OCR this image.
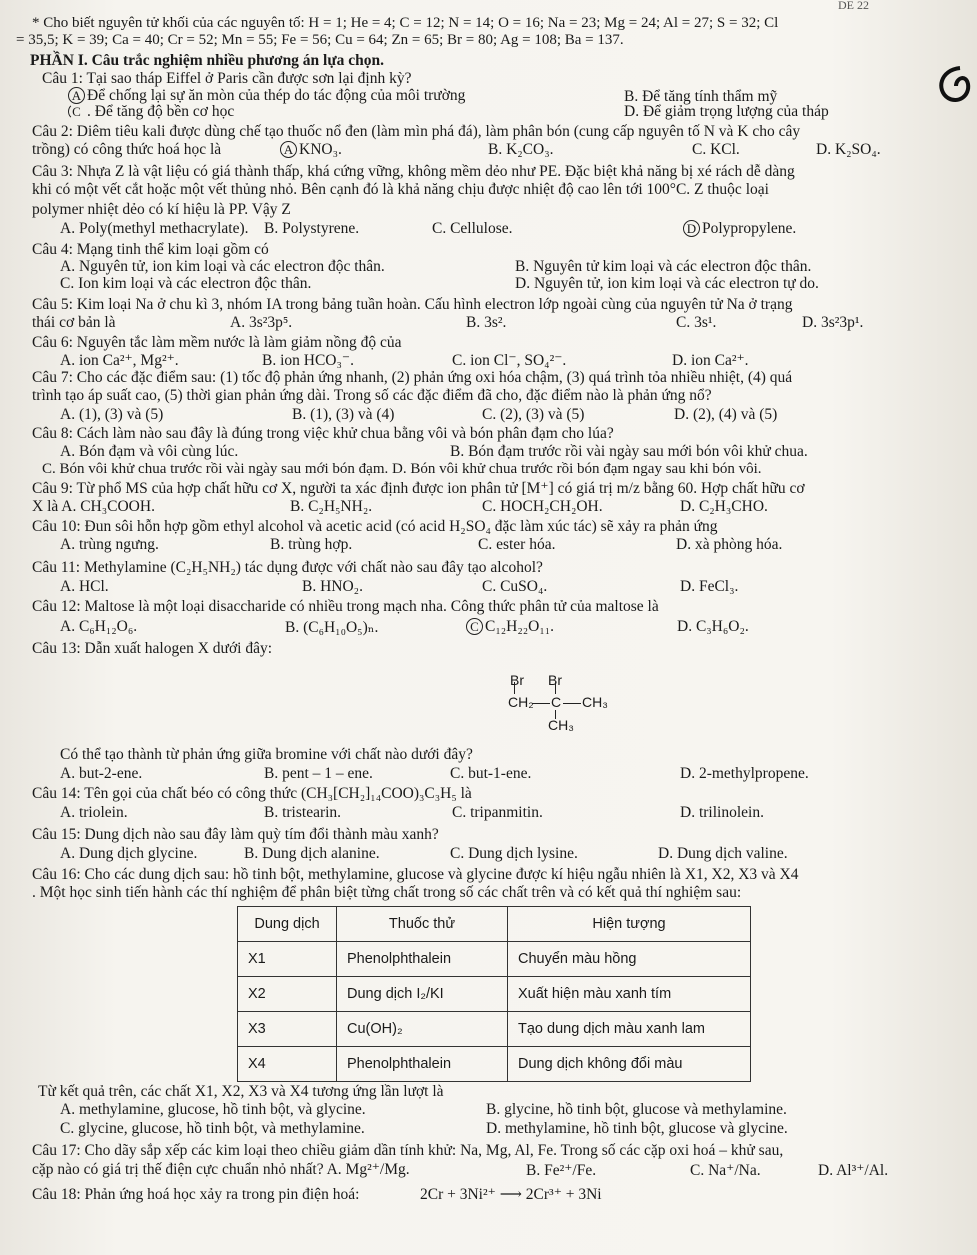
DE 22
* Cho biết nguyên tử khối của các nguyên tố: H = 1; He = 4; C = 12; N = 14; O = 16; Na = 23; Mg = 24; Al = 27; S = 32; Cl
= 35,5; K = 39; Ca = 40; Cr = 52; Mn = 55; Fe = 56; Cu = 64; Zn = 65; Br = 80; Ag = 108; Ba = 137.
PHẦN I. Câu trắc nghiệm nhiều phương án lựa chọn.
Câu 1: Tại sao tháp Eiffel ở Paris cần được sơn lại định kỳ?
A Để chống lại sự ăn mòn của thép do tác động của môi trường	B. Để tăng tính thẩm mỹ
C . Để tăng độ bền cơ học	D. Để giảm trọng lượng của tháp
Câu 2: Diêm tiêu kali được dùng chế tạo thuốc nổ đen (làm mìn phá đá), làm phân bón (cung cấp nguyên tố N và K cho cây
trồng) có công thức hoá học là	A KNO₃.	B. K₂CO₃.	C. KCl.	D. K₂SO₄.
Câu 3: Nhựa Z là vật liệu có giá thành thấp, khá cứng vững, không mềm dẻo như PE. Đặc biệt khả năng bị xé rách dễ dàng
khi có một vết cắt hoặc một vết thủng nhỏ. Bên cạnh đó là khả năng chịu được nhiệt độ cao lên tới 100°C. Z thuộc loại
polymer nhiệt dẻo có kí hiệu là PP. Vậy Z
A. Poly(methyl methacrylate). B. Polystyrene.	C. Cellulose.	D Polypropylene.
Câu 4: Mạng tinh thể kim loại gồm có
A. Nguyên tử, ion kim loại và các electron độc thân.	B. Nguyên tử kim loại và các electron độc thân.
C. Ion kim loại và các electron độc thân.	D. Nguyên tử, ion kim loại và các electron tự do.
Câu 5: Kim loại Na ở chu kì 3, nhóm IA trong bảng tuần hoàn. Cấu hình electron lớp ngoài cùng của nguyên tử Na ở trạng
thái cơ bản là	A. 3s²3p⁵.	B. 3s².	C. 3s¹.	D. 3s²3p¹.
Câu 6: Nguyên tắc làm mềm nước là làm giảm nồng độ của
A. ion Ca²⁺, Mg²⁺.	B. ion HCO₃⁻.	C. ion Cl⁻, SO₄²⁻.	D. ion Ca²⁺.
Câu 7: Cho các đặc điểm sau: (1) tốc độ phản ứng nhanh, (2) phản ứng oxi hóa chậm, (3) quá trình tỏa nhiều nhiệt, (4) quá
trình tạo áp suất cao, (5) thời gian phản ứng dài. Trong số các đặc điểm đã cho, đặc điểm nào là phản ứng nổ?
A. (1), (3) và (5)	B. (1), (3) và (4)	C. (2), (3) và (5)	D. (2), (4) và (5)
Câu 8: Cách làm nào sau đây là đúng trong việc khử chua bằng vôi và bón phân đạm cho lúa?
A. Bón đạm và vôi cùng lúc.	B. Bón đạm trước rồi vài ngày sau mới bón vôi khử chua.
C. Bón vôi khử chua trước rồi vài ngày sau mới bón đạm. D. Bón vôi khử chua trước rồi bón đạm ngay sau khi bón vôi.
Câu 9: Từ phổ MS của hợp chất hữu cơ X, người ta xác định được ion phân tử [M⁺] có giá trị m/z bằng 60. Hợp chất hữu cơ
X là A. CH₃COOH.	B. C₂H₅NH₂.	C. HOCH₂CH₂OH.	D. C₂H₃CHO.
Câu 10: Đun sôi hỗn hợp gồm ethyl alcohol và acetic acid (có acid H₂SO₄ đặc làm xúc tác) sẽ xảy ra phản ứng
A. trùng ngưng.	B. trùng hợp.	C. ester hóa.	D. xà phòng hóa.
Câu 11: Methylamine (C₂H₅NH₂) tác dụng được với chất nào sau đây tạo alcohol?
A. HCl.	B. HNO₂.	C. CuSO₄.	D. FeCl₃.
Câu 12: Maltose là một loại disaccharide có nhiều trong mạch nha. Công thức phân tử của maltose là
A. C₆H₁₂O₆.	B. (C₆H₁₀O₅)ₙ.	C C₁₂H₂₂O₁₁.	D. C₃H₆O₂.
Câu 13: Dẫn xuất halogen X dưới đây:
Br Br
CH₂ C CH₃
CH₃
Có thể tạo thành từ phản ứng giữa bromine với chất nào dưới đây?
A. but-2-ene.	B. pent – 1 – ene.	C. but-1-ene.	D. 2-methylpropene.
Câu 14: Tên gọi của chất béo có công thức (CH₃[CH₂]₁₄COO)₃C₃H₅ là
A. triolein.	B. tristearin.	C. tripanmitin.	D. trilinolein.
Câu 15: Dung dịch nào sau đây làm quỳ tím đổi thành màu xanh?
A. Dung dịch glycine.	B. Dung dịch alanine.	C. Dung dịch lysine.	D. Dung dịch valine.
Câu 16: Cho các dung dịch sau: hồ tinh bột, methylamine, glucose và glycine được kí hiệu ngẫu nhiên là X1, X2, X3 và X4
. Một học sinh tiến hành các thí nghiệm để phân biệt từng chất trong số các chất trên và có kết quả thí nghiệm sau:
Dung dịch	Thuốc thử	Hiện tượng
X1	Phenolphthalein	Chuyển màu hồng
X2	Dung dịch I₂/KI	Xuất hiện màu xanh tím
X3	Cu(OH)₂	Tạo dung dịch màu xanh lam
X4	Phenolphthalein	Dung dịch không đổi màu
Từ kết quả trên, các chất X1, X2, X3 và X4 tương ứng lần lượt là
A. methylamine, glucose, hồ tinh bột, và glycine.	B. glycine, hồ tinh bột, glucose và methylamine.
C. glycine, glucose, hồ tinh bột, và methylamine.	D. methylamine, hồ tinh bột, glucose và glycine.
Câu 17: Cho dãy sắp xếp các kim loại theo chiều giảm dần tính khử: Na, Mg, Al, Fe. Trong số các cặp oxi hoá – khử sau,
cặp nào có giá trị thế điện cực chuẩn nhỏ nhất? A. Mg²⁺/Mg.	B. Fe²⁺/Fe.	C. Na⁺/Na.	D. Al³⁺/Al.
Câu 18: Phản ứng hoá học xảy ra trong pin điện hoá:	2Cr + 3Ni²⁺ ⟶ 2Cr³⁺ + 3Ni
